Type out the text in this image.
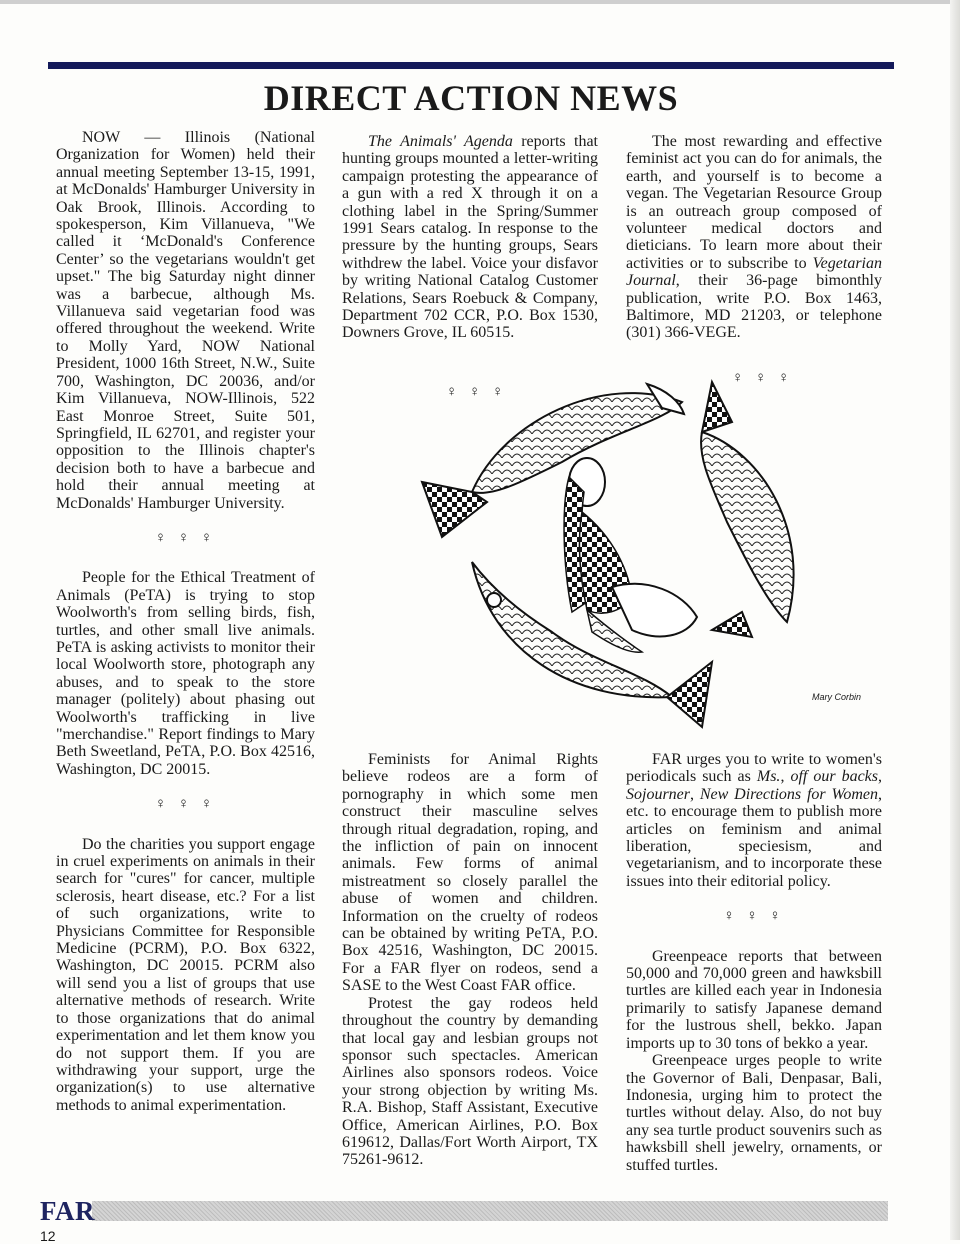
DIRECT ACTION NEWS

NOW — Illinois (National Organization for Women) held their annual meeting September 13-15, 1991, at McDonalds' Hamburger University in Oak Brook, Illinois. According to spokesperson, Kim Villanueva, "We called it ‘McDonald's Conference Center’ so the vegetarians wouldn't get upset." The big Saturday night dinner was a barbecue, although Ms. Villanueva said vegetarian food was offered throughout the weekend. Write to Molly Yard, NOW National President, 1000 16th Street, N.W., Suite 700, Washington, DC 20036, and/or Kim Villanueva, NOW-Illinois, 522 East Monroe Street, Suite 501, Springfield, IL 62701, and register your opposition to the Illinois chapter's decision both to have a barbecue and hold their annual meeting at McDonalds' Hamburger University.

♀ ♀ ♀

People for the Ethical Treatment of Animals (PeTA) is trying to stop Woolworth's from selling birds, fish, turtles, and other small live animals. PeTA is asking activists to monitor their local Woolworth store, photograph any abuses, and to speak to the store manager (politely) about phasing out Woolworth's trafficking in live "merchandise." Report findings to Mary Beth Sweetland, PeTA, P.O. Box 42516, Washington, DC 20015.

♀ ♀ ♀

Do the charities you support engage in cruel experiments on animals in their search for "cures" for cancer, multiple sclerosis, heart disease, etc.? For a list of such organizations, write to Physicians Committee for Responsible Medicine (PCRM), P.O. Box 6322, Washington, DC 20015. PCRM also will send you a list of groups that use alternative methods of research. Write to those organizations that do animal experimentation and let them know you do not support them. If you are withdrawing your support, urge the organization(s) to use alternative methods to animal experimentation.

The Animals' Agenda reports that hunting groups mounted a letter-writing campaign protesting the appearance of a gun with a red X through it on a clothing label in the Spring/Summer 1991 Sears catalog. In response to the pressure by the hunting groups, Sears withdrew the label. Voice your disfavor by writing National Catalog Customer Relations, Sears Roebuck & Company, Department 702 CCR, P.O. Box 1530, Downers Grove, IL 60515.

♀ ♀ ♀

The most rewarding and effective feminist act you can do for animals, the earth, and yourself is to become a vegan. The Vegetarian Resource Group is an outreach group composed of volunteer medical doctors and dieticians. To learn more about their activities or to subscribe to Vegetarian Journal, their 36-page bimonthly publication, write P.O. Box 1463, Baltimore, MD 21203, or telephone (301) 366-VEGE.

♀ ♀ ♀
Mary Corbin

Feminists for Animal Rights believe rodeos are a form of pornography in which some men construct their masculine selves through ritual degradation, roping, and the infliction of pain on innocent animals. Few forms of animal mistreatment so closely parallel the abuse of women and children. Information on the cruelty of rodeos can be obtained by writing PeTA, P.O. Box 42516, Washington, DC 20015. For a FAR flyer on rodeos, send a SASE to the West Coast FAR office.

Protest the gay rodeos held throughout the country by demanding that local gay and lesbian groups not sponsor such spectacles. American Airlines also sponsors rodeos. Voice your strong objection by writing Ms. R.A. Bishop, Staff Assistant, Executive Office, American Airlines, P.O. Box 619612, Dallas/Fort Worth Airport, TX 75261-9612.

FAR urges you to write to women's periodicals such as Ms., off our backs, Sojourner, New Directions for Women, etc. to encourage them to publish more articles on feminism and animal liberation, speciesism, and vegetarianism, and to incorporate these issues into their editorial policy.

♀ ♀ ♀

Greenpeace reports that between 50,000 and 70,000 green and hawksbill turtles are killed each year in Indonesia primarily to satisfy Japanese demand for the lustrous shell, bekko. Japan imports up to 30 tons of bekko a year.

Greenpeace urges people to write the Governor of Bali, Denpasar, Bali, Indonesia, urging him to protect the turtles without delay. Also, do not buy any sea turtle product souvenirs such as hawksbill shell jewelry, ornaments, or stuffed turtles.

FAR
12
